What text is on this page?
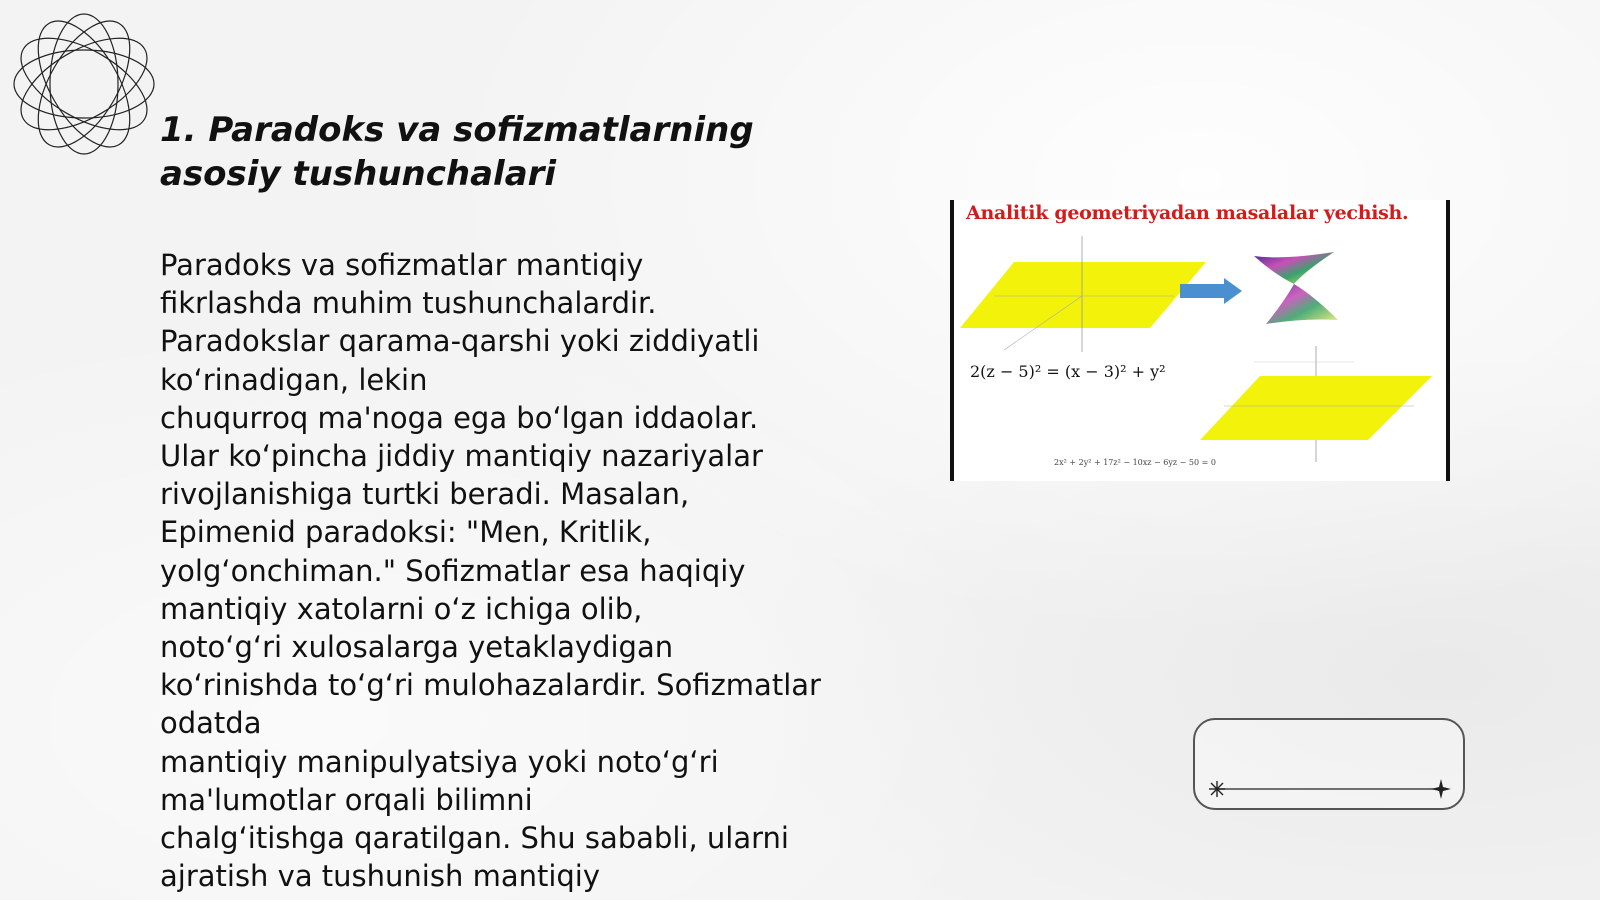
1. Paradoks va sofizmatlarning asosiy tushunchalari
Paradoks va sofizmatlar mantiqiy
fikrlashda muhim tushunchalardir.
Paradokslar qarama-qarshi yoki ziddiyatli
ko‘rinadigan, lekin
chuqurroq ma'noga ega bo‘lgan iddaolar.
Ular ko‘pincha jiddiy mantiqiy nazariyalar
rivojlanishiga turtki beradi. Masalan,
Epimenid paradoksi: "Men, Kritlik,
yolg‘onchiman." Sofizmatlar esa haqiqiy
mantiqiy xatolarni o‘z ichiga olib,
noto‘g‘ri xulosalarga yetaklaydigan
ko‘rinishda to‘g‘ri mulohazalardir. Sofizmatlar
odatda
mantiqiy manipulyatsiya yoki noto‘g‘ri
ma'lumotlar orqali bilimni
chalg‘itishga qaratilgan. Shu sababli, ularni
ajratish va tushunish mantiqiy
Analitik geometriyadan masalalar yechish.
2(z − 5)² = (x − 3)² + y²
2x² + 2y² + 17z² − 10xz − 6yz − 50 = 0
